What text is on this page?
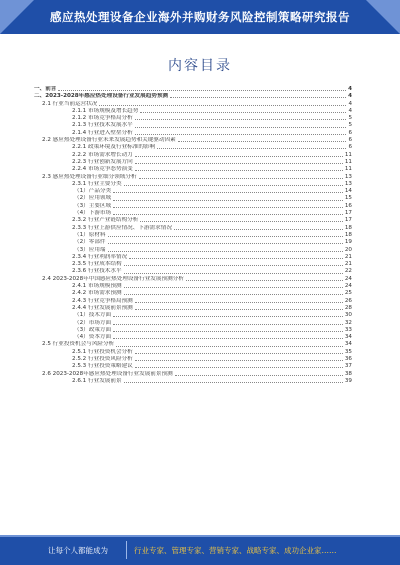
感应热处理设备企业海外并购财务风险控制策略研究报告
内容目录
一、前言	4
二、2023-2028年感应热处理设备行业发展趋势预测	4
2.1 行业当前运营状况	4
2.1.1 市场规模及增长趋势	4
2.1.2 市场竞争格局分析	5
2.1.3 行业技术发展水平	5
2.1.4 行业进入壁垒分析	6
2.2 感应热处理设备行业未来发展趋势和关键驱动因素	6
2.2.1 政策环境及行业标准的影响	6
2.2.2 市场需求增长动力	11
2.2.3 行业创新发展方向	11
2.2.4 市场竞争态势演变	11
2.3 感应热处理设备行业细分领域分析	13
2.3.1 行业主要分类	13
（1）产品分类	14
（2）应用领域	15
（3）主要区域	16
（4）下游市场	17
2.3.2 行业产业链结构分析	17
2.3.3 行业上游供应情况、下游需求情况	18
（1）原材料	18
（2）零部件	19
（3）应用端	20
2.3.4 行业利润率情况	21
2.3.5 行业成本结构	21
2.3.6 行业技术水平	22
2.4 2023-2028年中国感应热处理设备行业发展预测分析	24
2.4.1 市场规模预测	24
2.4.2 市场需求预测	25
2.4.3 行业竞争格局预测	26
2.4.4 行业发展前景预测	28
（1）技术方面	30
（2）市场方面	32
（3）政策方面	33
（4）资本方面	34
2.5 行业投资机会与风险分析	34
2.5.1 行业投资机会分析	35
2.5.2 行业投资风险分析	36
2.5.3 行业投资策略建议	37
2.6 2023-2028年感应热处理设备行业发展前景预测	38
2.6.1 行业发展前景	39
让每个人都能成为	行业专家、管理专家、营销专家、战略专家、成功企业家……
